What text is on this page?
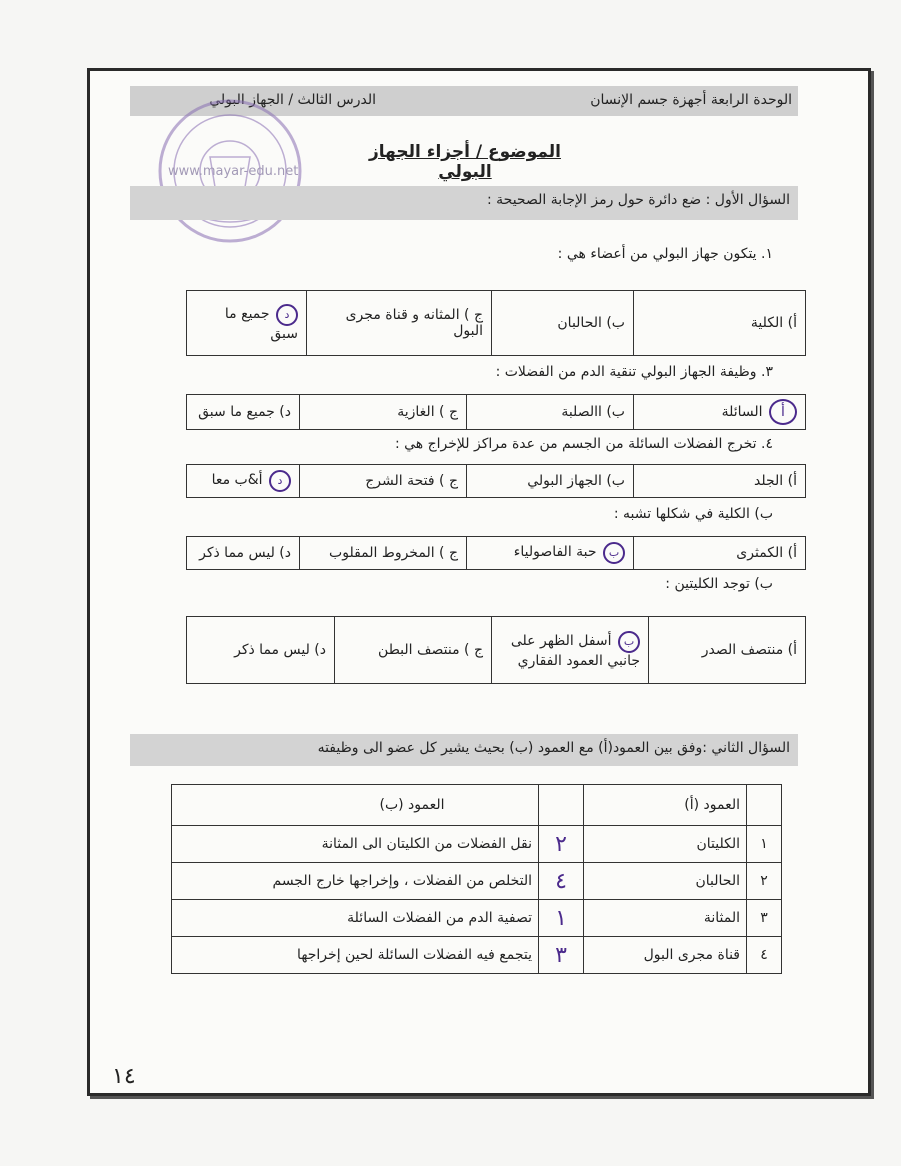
الوحدة الرابعة أجهزة جسم الإنسان
الدرس الثالث / الجهاز البولي
www.mayar-edu.net
الموضوع / أجزاء الجهاز البولي
السؤال الأول : ضع دائرة حول رمز الإجابة الصحيحة :
١. يتكون جهاز البولي من أعضاء هي :
أ) الكلية	ب) الحالبان	ج ) المثانه و قناة مجرى البول	د جميع ما سبق
٣. وظيفة الجهاز البولي تنقية الدم من الفضلات :
أ السائلة	ب) االصلبة	ج ) الغازية	د) جميع ما سبق
٤. تخرج الفضلات السائلة من الجسم من عدة مراكز للإخراج هي :
أ) الجلد	ب) الجهاز البولي	ج ) فتحة الشرج	د أ&ب معا
ب) الكلية في شكلها تشبه :
أ) الكمثرى	ب حبة الفاصولياء	ج ) المخروط المقلوب	د) ليس مما ذكر
ب) توجد الكليتين :
أ) منتصف الصدر	ب أسفل الظهر على جانبي العمود الفقاري	ج ) منتصف البطن	د) ليس مما ذكر
السؤال الثاني :وفق بين العمود(أ) مع العمود (ب) بحيث يشير كل عضو الى وظيفته
	العمود (أ)		العمود (ب)
١	الكليتان	٢	نقل الفضلات من الكليتان الى المثانة
٢	الحالبان	٤	التخلص من الفضلات ، وإخراجها خارج الجسم
٣	المثانة	١	تصفية الدم من الفضلات السائلة
٤	قناة مجرى البول	٣	يتجمع فيه الفضلات السائلة لحين إخراجها
١٤
